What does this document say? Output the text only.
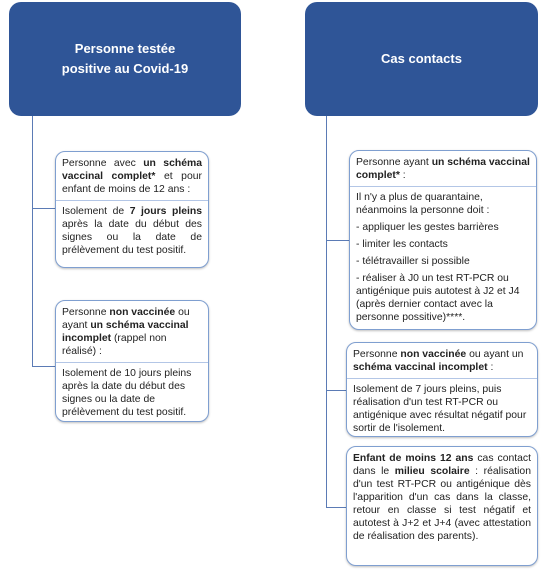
Personne testée positive au Covid-19
Cas contacts

Personne avec un schéma vaccinal complet* et pour enfant de moins de 12 ans :

Isolement de 7 jours pleins après la date du début des signes ou la date de prélèvement du test positif.

Personne non vaccinée ou ayant un schéma vaccinal incomplet (rappel non réalisé) :

Isolement de 10 jours pleins après la date du début des signes ou la date de prélèvement du test positif.

Personne ayant un schéma vaccinal complet* :

Il n'y a plus de quarantaine, néanmoins la personne doit :

- appliquer les gestes barrières

- limiter les contacts

- télétravailler si possible

- réaliser à J0 un test RT-PCR ou antigénique puis autotest à J2 et J4 (après dernier contact avec la personne possitive)****.

Personne non vaccinée ou ayant un schéma vaccinal incomplet :

Isolement de 7 jours pleins, puis réalisation d'un test RT-PCR ou antigénique avec résultat négatif pour sortir de l'isolement.

Enfant de moins 12 ans cas contact dans le milieu scolaire : réalisation d'un test RT-PCR ou antigénique dès l'apparition d'un cas dans la classe, retour en classe si test négatif et autotest à J+2 et J+4 (avec attestation de réalisation des parents).
